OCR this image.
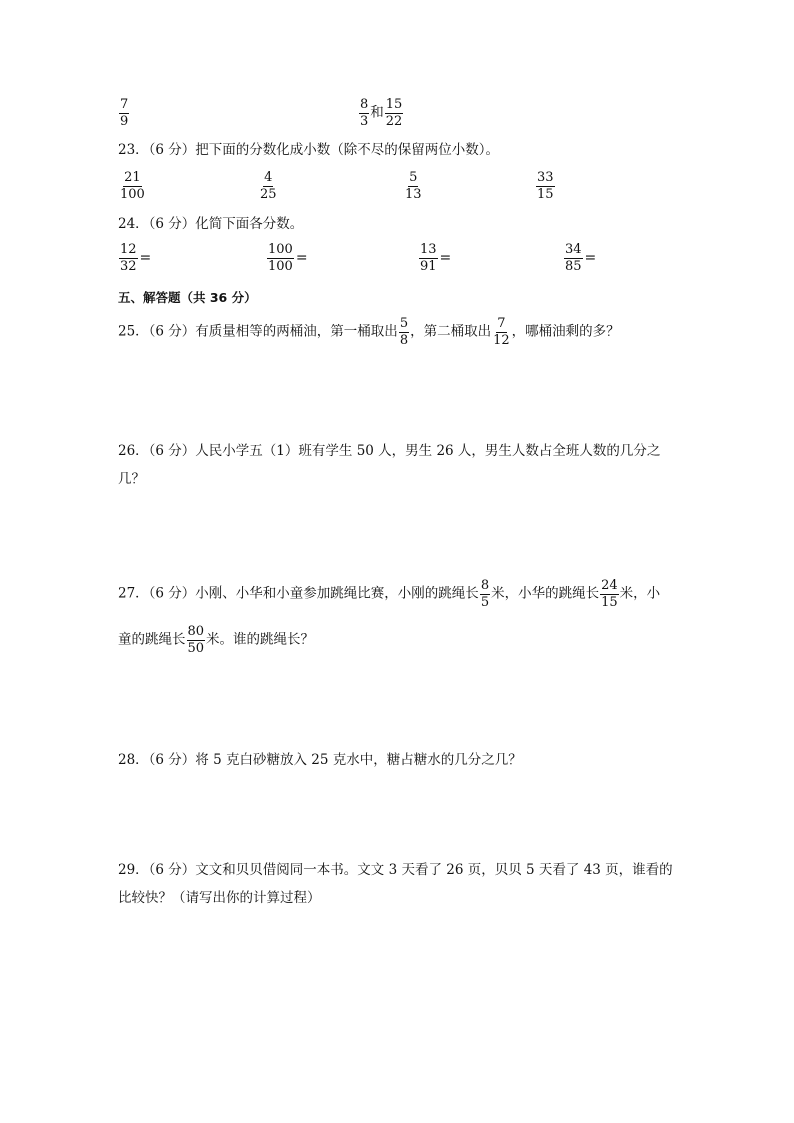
$\frac{7}{9}$	$\frac{8}{3}$ 和 $\frac{15}{22}$
23．（6 分）把下面的分数化成小数（除不尽的保留两位小数）。
$\frac{21}{100}$	$\frac{4}{25}$	$\frac{5}{13}$	$\frac{33}{15}$
24．（6 分）化简下面各分数。
$\frac{12}{32}$ =	$\frac{100}{100}$ =	$\frac{13}{91}$ =	$\frac{34}{85}$ =
五、解答题（共 36 分）
25．（6 分）有质量相等的两桶油，第一桶取出 $\frac{5}{8}$ ，第二桶取出 $\frac{7}{12}$ ，哪桶油剩的多？
26．（6 分）人民小学五（1）班有学生 50 人，男生 26 人，男生人数占全班人数的几分之
几？
27．（6 分）小刚、小华和小童参加跳绳比赛，小刚的跳绳长 $\frac{8}{5}$ 米，小华的跳绳长 $\frac{24}{15}$ 米，小
童的跳绳长 $\frac{80}{50}$ 米。谁的跳绳长？
28．（6 分）将 5 克白砂糖放入 25 克水中，糖占糖水的几分之几？
29．（6 分）文文和贝贝借阅同一本书。文文 3 天看了 26 页，贝贝 5 天看了 43 页，谁看的
比较快？（请写出你的计算过程）
